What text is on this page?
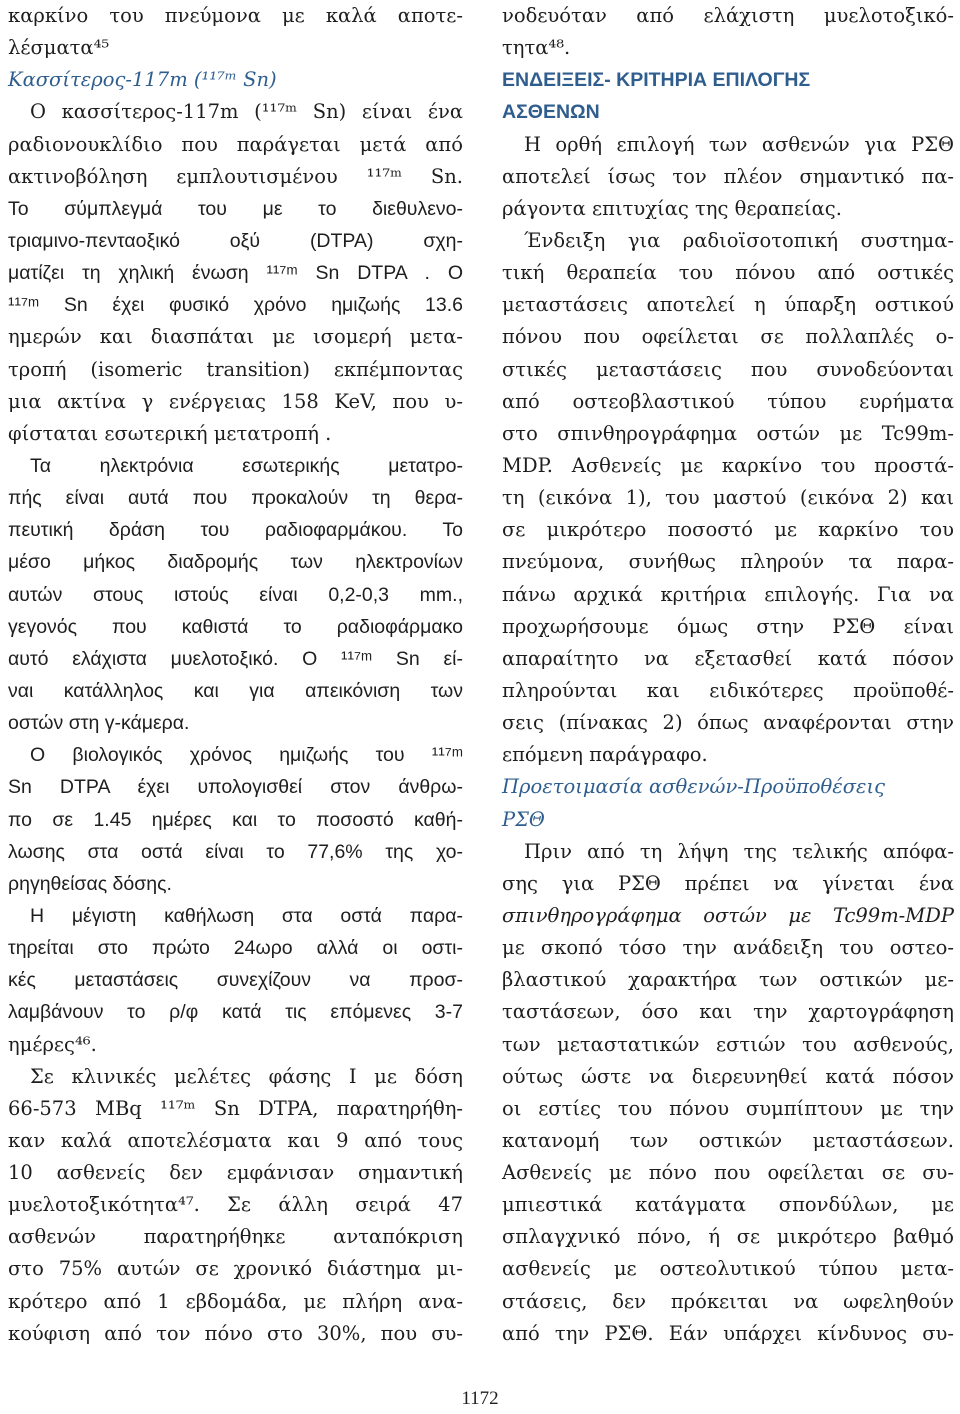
καρκίνο του πνεύμονα με καλά αποτε-
λέσματα⁴⁵
Κασσίτερος-117m (¹¹⁷ᵐ Sn)
Ο κασσίτερος-117m (¹¹⁷ᵐ Sn) είναι ένα
ραδιονουκλίδιο που παράγεται μετά από
ακτινοβόληση εμπλουτισμένου ¹¹⁷ᵐ Sn.
Το σύμπλεγμά του με το διεθυλενο-
τριαμινο-πενταοξικό οξύ (DTPA) σχη-
ματίζει τη χηλική ένωση ¹¹⁷ᵐ Sn DTPA . Ο
¹¹⁷ᵐ Sn έχει φυσικό χρόνο ημιζωής 13.6
ημερών και διασπάται με ισομερή μετα-
τροπή (isomeric transition) εκπέμποντας
μια ακτίνα γ ενέργειας 158 KeV, που υ-
φίσταται εσωτερική μετατροπή .
Τα ηλεκτρόνια εσωτερικής μετατρο-
πής είναι αυτά που προκαλούν τη θερα-
πευτική δράση του ραδιοφαρμάκου. Το
μέσο μήκος διαδρομής των ηλεκτρονίων
αυτών στους ιστούς είναι 0,2-0,3 mm.,
γεγονός που καθιστά το ραδιοφάρμακο
αυτό ελάχιστα μυελοτοξικό. Ο ¹¹⁷ᵐ Sn εί-
ναι κατάλληλος και για απεικόνιση των
οστών στη γ-κάμερα.
Ο βιολογικός χρόνος ημιζωής του ¹¹⁷ᵐ
Sn DTPA έχει υπολογισθεί στον άνθρω-
πο σε 1.45 ημέρες και το ποσοστό καθή-
λωσης στα οστά είναι το 77,6% της χο-
ρηγηθείσας δόσης.
Η μέγιστη καθήλωση στα οστά παρα-
τηρείται στο πρώτο 24ωρο αλλά οι οστι-
κές μεταστάσεις συνεχίζουν να προσ-
λαμβάνουν το ρ/φ κατά τις επόμενες 3-7
ημέρες⁴⁶.
Σε κλινικές μελέτες φάσης Ι με δόση
66-573 MBq ¹¹⁷ᵐ Sn DTPA, παρατηρήθη-
καν καλά αποτελέσματα και 9 από τους
10 ασθενείς δεν εμφάνισαν σημαντική
μυελοτοξικότητα⁴⁷. Σε άλλη σειρά 47
ασθενών παρατηρήθηκε ανταπόκριση
στο 75% αυτών σε χρονικό διάστημα μι-
κρότερο από 1 εβδομάδα, με πλήρη ανα-
κούφιση από τον πόνο στο 30%, που συ-
νοδευόταν από ελάχιστη μυελοτοξικό-
τητα⁴⁸.
ΕΝΔΕΙΞΕΙΣ- ΚΡΙΤΗΡΙΑ ΕΠΙΛΟΓΗΣ
ΑΣΘΕΝΩΝ
Η ορθή επιλογή των ασθενών για ΡΣΘ
αποτελεί ίσως τον πλέον σημαντικό πα-
ράγοντα επιτυχίας της θεραπείας.
Ένδειξη για ραδιοϊσοτοπική συστημα-
τική θεραπεία του πόνου από οστικές
μεταστάσεις αποτελεί η ύπαρξη οστικού
πόνου που οφείλεται σε πολλαπλές ο-
στικές μεταστάσεις που συνοδεύονται
από οστεοβλαστικού τύπου ευρήματα
στο σπινθηρογράφημα οστών με Tc99m-
MDP. Ασθενείς με καρκίνο του προστά-
τη (εικόνα 1), του μαστού (εικόνα 2) και
σε μικρότερο ποσοστό με καρκίνο του
πνεύμονα, συνήθως πληρούν τα παρα-
πάνω αρχικά κριτήρια επιλογής. Για να
προχωρήσουμε όμως στην ΡΣΘ είναι
απαραίτητο να εξετασθεί κατά πόσον
πληρούνται και ειδικότερες προϋποθέ-
σεις (πίνακας 2) όπως αναφέρονται στην
επόμενη παράγραφο.
Προετοιμασία ασθενών-Προϋποθέσεις
ΡΣΘ
Πριν από τη λήψη της τελικής απόφα-
σης για ΡΣΘ πρέπει να γίνεται ένα
σπινθηρογράφημα οστών με Tc99m-MDP
με σκοπό τόσο την ανάδειξη του οστεο-
βλαστικού χαρακτήρα των οστικών με-
ταστάσεων, όσο και την χαρτογράφηση
των μεταστατικών εστιών του ασθενούς,
ούτως ώστε να διερευνηθεί κατά πόσον
οι εστίες του πόνου συμπίπτουν με την
κατανομή των οστικών μεταστάσεων.
Ασθενείς με πόνο που οφείλεται σε συ-
μπιεστικά κατάγματα σπονδύλων, με
σπλαγχνικό πόνο, ή σε μικρότερο βαθμό
ασθενείς με οστεολυτικού τύπου μετα-
στάσεις, δεν πρόκειται να ωφεληθούν
από την ΡΣΘ. Εάν υπάρχει κίνδυνος συ-
1172
